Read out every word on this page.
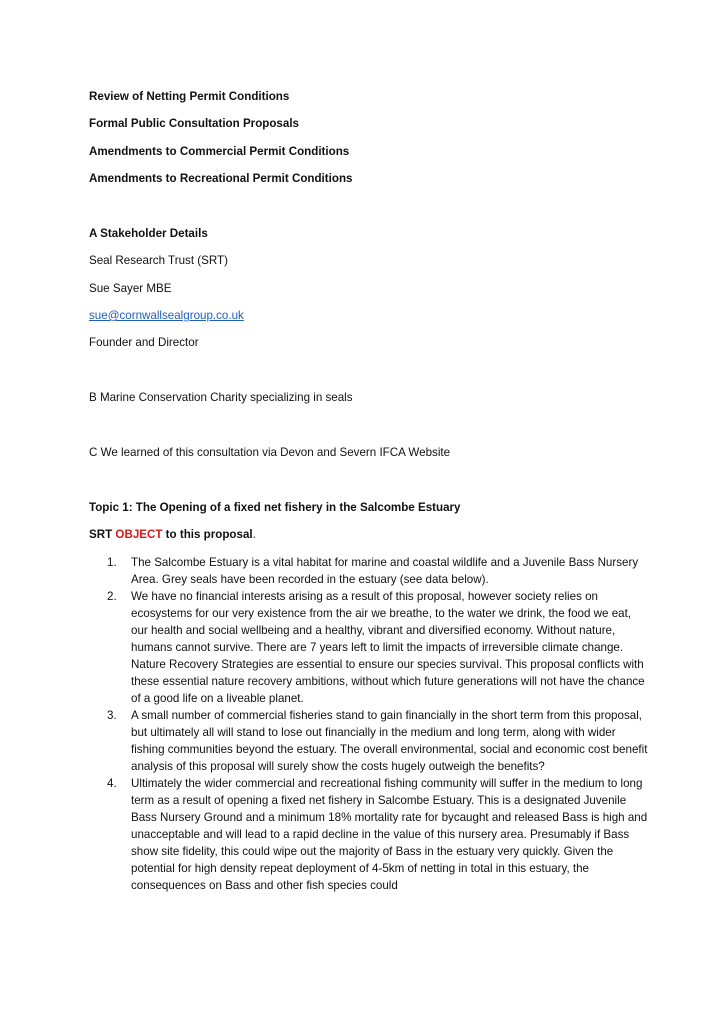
Review of Netting Permit Conditions

Formal Public Consultation Proposals

Amendments to Commercial Permit Conditions

Amendments to Recreational Permit Conditions

A Stakeholder Details

Seal Research Trust (SRT)

Sue Sayer MBE

sue@cornwallsealgroup.co.uk

Founder and Director

B Marine Conservation Charity specializing in seals

C We learned of this consultation via Devon and Severn IFCA Website

Topic 1: The Opening of a fixed net fishery in the Salcombe Estuary

SRT OBJECT to this proposal.

1. The Salcombe Estuary is a vital habitat for marine and coastal wildlife and a Juvenile Bass Nursery Area. Grey seals have been recorded in the estuary (see data below).
2. We have no financial interests arising as a result of this proposal, however society relies on ecosystems for our very existence from the air we breathe, to the water we drink, the food we eat, our health and social wellbeing and a healthy, vibrant and diversified economy. Without nature, humans cannot survive. There are 7 years left to limit the impacts of irreversible climate change. Nature Recovery Strategies are essential to ensure our species survival. This proposal conflicts with these essential nature recovery ambitions, without which future generations will not have the chance of a good life on a liveable planet.
3. A small number of commercial fisheries stand to gain financially in the short term from this proposal, but ultimately all will stand to lose out financially in the medium and long term, along with wider fishing communities beyond the estuary. The overall environmental, social and economic cost benefit analysis of this proposal will surely show the costs hugely outweigh the benefits?
4. Ultimately the wider commercial and recreational fishing community will suffer in the medium to long term as a result of opening a fixed net fishery in Salcombe Estuary. This is a designated Juvenile Bass Nursery Ground and a minimum 18% mortality rate for bycaught and released Bass is high and unacceptable and will lead to a rapid decline in the value of this nursery area. Presumably if Bass show site fidelity, this could wipe out the majority of Bass in the estuary very quickly. Given the potential for high density repeat deployment of 4-5km of netting in total in this estuary, the consequences on Bass and other fish species could
